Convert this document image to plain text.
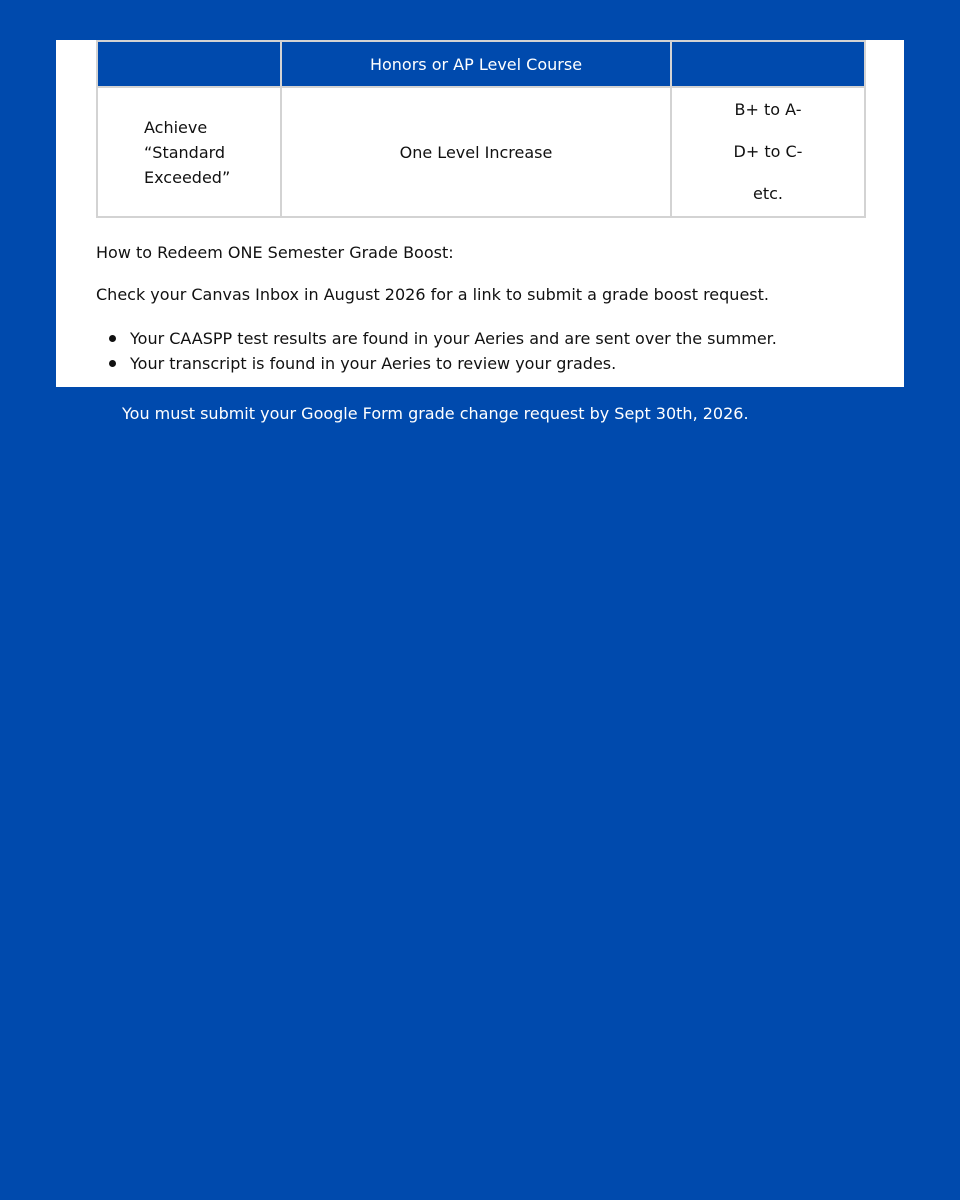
	Honors or AP Level Course	

Achieve
“Standard
Exceeded”	One Level Increase	B+ to A-
D+ to C-
etc.

How to Redeem ONE Semester Grade Boost:

Check your Canvas Inbox in August 2026 for a link to submit a grade boost request.

Your CAASPP test results are found in your Aeries and are sent over the summer.
Your transcript is found in your Aeries to review your grades.

You must submit your Google Form grade change request by Sept 30th, 2026.
